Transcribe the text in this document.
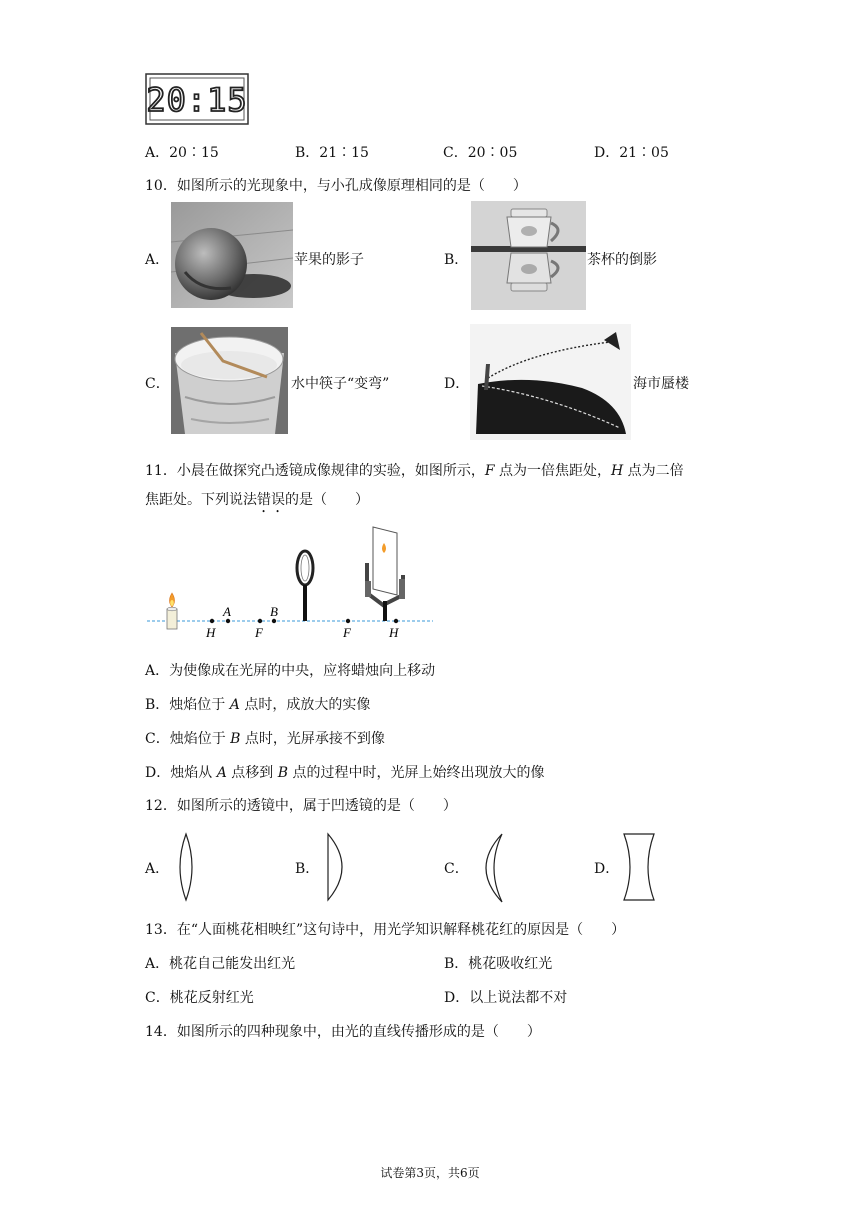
20:15
A．20∶15	B．21∶15	C．20∶05	D．21∶05
10．如图所示的光现象中，与小孔成像原理相同的是（　　）
A．	苹果的影子	B．	茶杯的倒影
C．	水中筷子“变弯”	D．	海市蜃楼
11．小晨在做探究凸透镜成像规律的实验，如图所示，F 点为一倍焦距处，H 点为二倍
焦距处。下列说法错误的是（　　）
A	B
H	F	F	H
A．为使像成在光屏的中央，应将蜡烛向上移动
B．烛焰位于 A 点时，成放大的实像
C．烛焰位于 B 点时，光屏承接不到像
D．烛焰从 A 点移到 B 点的过程中时，光屏上始终出现放大的像
12．如图所示的透镜中，属于凹透镜的是（　　）
A．	B．	C．	D．
13．在“人面桃花相映红”这句诗中，用光学知识解释桃花红的原因是（　　）
A．桃花自己能发出红光	B．桃花吸收红光
C．桃花反射红光	D．以上说法都不对
14．如图所示的四种现象中，由光的直线传播形成的是（　　）
试卷第3页，共6页
